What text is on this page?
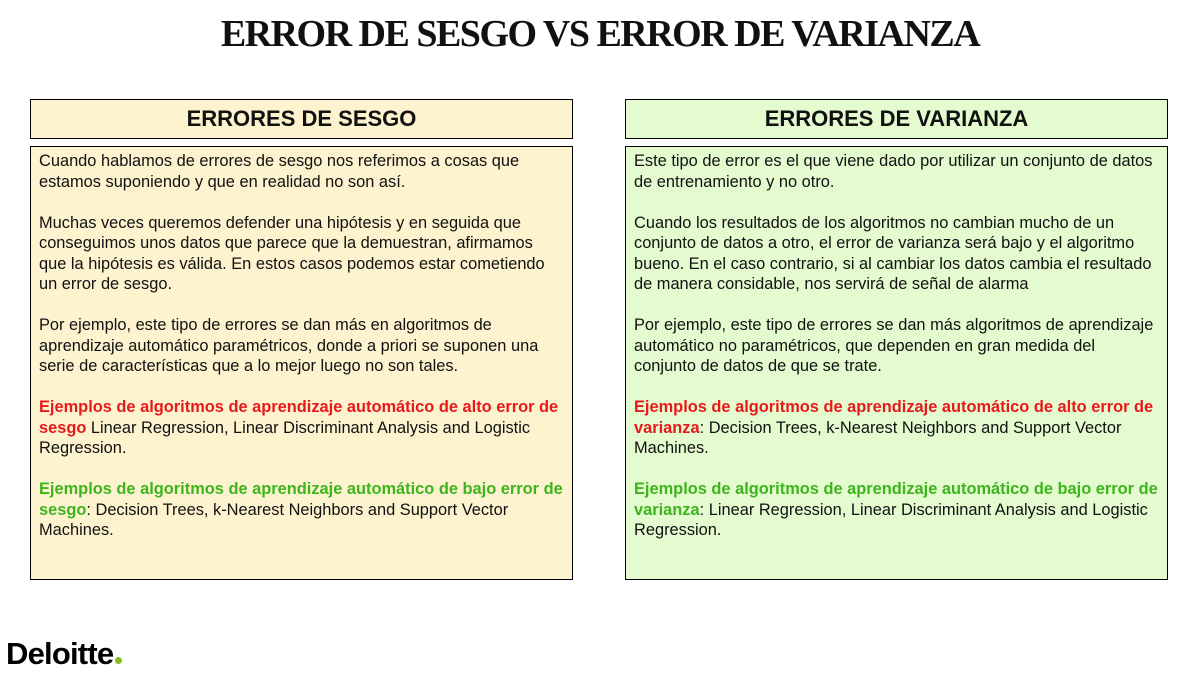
ERROR DE SESGO VS ERROR DE VARIANZA
ERRORES DE SESGO

Cuando hablamos de errores de sesgo nos referimos a cosas que estamos suponiendo y que en realidad no son así.

Muchas veces queremos defender una hipótesis y en seguida que conseguimos unos datos que parece que la demuestran, afirmamos que la hipótesis es válida. En estos casos podemos estar cometiendo un error de sesgo.

Por ejemplo, este tipo de errores se dan más en algoritmos de aprendizaje automático paramétricos, donde a priori se suponen una serie de características que a lo mejor luego no son tales.

Ejemplos de algoritmos de aprendizaje automático de alto error de sesgo Linear Regression, Linear Discriminant Analysis and Logistic Regression.

Ejemplos de algoritmos de aprendizaje automático de bajo error de sesgo: Decision Trees, k-Nearest Neighbors and Support Vector Machines.

ERRORES DE VARIANZA

Este tipo de error es el que viene dado por utilizar un conjunto de datos de entrenamiento y no otro.

Cuando los resultados de los algoritmos no cambian mucho de un conjunto de datos a otro, el error de varianza será bajo y el algoritmo bueno. En el caso contrario, si al cambiar los datos cambia el resultado de manera considable, nos servirá de señal de alarma

Por ejemplo, este tipo de errores se dan más algoritmos de aprendizaje automático no paramétricos, que dependen en gran medida del conjunto de datos de que se trate.

Ejemplos de algoritmos de aprendizaje automático de alto error de varianza: Decision Trees, k-Nearest Neighbors and Support Vector Machines.

Ejemplos de algoritmos de aprendizaje automático de bajo error de varianza: Linear Regression, Linear Discriminant Analysis and Logistic Regression.

Deloitte
